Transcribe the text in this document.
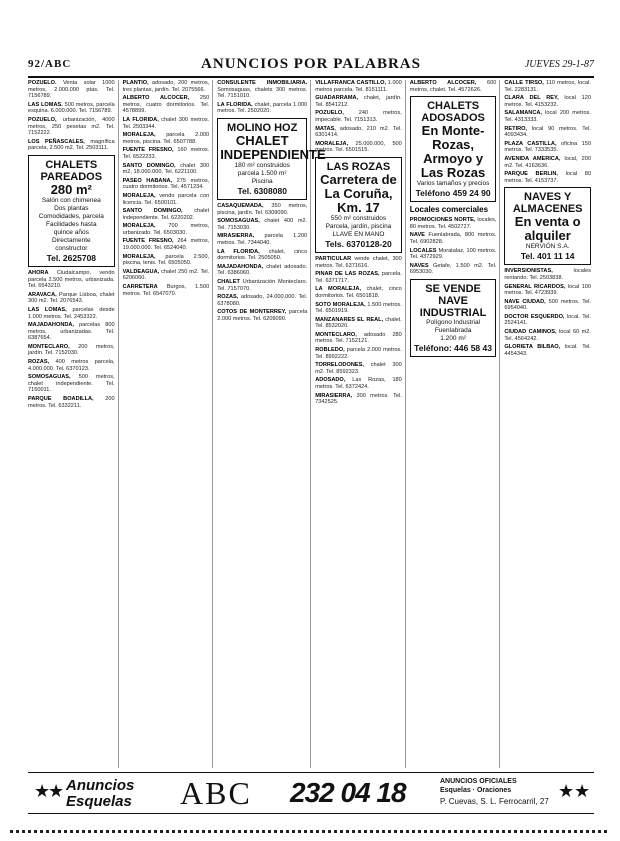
92/ABC	ANUNCIOS POR PALABRAS	JUEVES 29-1-87

POZUELO. Venta solar 1000 metros, 2.000.000 ptas. Tel. 7156789.

LAS LOMAS. 500 metros, parcela esquina. 6.000.000. Tel. 7156789.

POZUELO, urbanización, 4000 metros, 250 pesetas m2. Tel. 7152222.

LOS PEÑASCALES, magnífica parcela, 2.500 m2. Tel. 2503111.

CHALETS PAREADOS
280 m²
Salón con chimenea
Dos plantas
Comodidades, parcela
Facilidades hasta
quince años
Directamente
constructor
Tel. 2625708

AHORA Ciudalcampo, vendo parcela 2.500 metros, urbanizada. Tel. 6543210.

ARAVACA, Parque Lisboa, chalet 300 m2. Tel. 2076543.

LAS LOMAS, parcelas desde 1.000 metros. Tel. 2453322.

MAJADAHONDA, parcelas 800 metros, urbanizadas. Tel. 6387654.

MONTECLARO, 200 metros, jardín. Tel. 7152030.

ROZAS, 400 metros parcela, 4.000.000. Tel. 6370123.

SOMOSAGUAS, 500 metros, chalet independiente. Tel. 7150011.

PARQUE BOADILLA, 200 metros. Tel. 6332211.

PLANTIO, adosado, 200 metros, tres plantas, jardín. Tel. 2075566.

ALBERTO ALCOCER, 250 metros, cuatro dormitorios. Tel. 4578899.

LA FLORIDA, chalet 300 metros. Tel. 2503344.

MORALEJA, parcela 2.000 metros, piscina. Tel. 6507788.

FUENTE FRESNO, 160 metros. Tel. 6522233.

SANTO DOMINGO, chalet 300 m2, 18.000.000. Tel. 6221100.

PASEO HABANA, 275 metros, cuatro dormitorios. Tel. 4571234.

MORALEJA, vendo parcela con licencia. Tel. 6500101.

SANTO DOMINGO, chalet independiente. Tel. 6220202.

MORALEJA, 700 metros, urbanizado. Tel. 6503030.

FUENTE FRESNO, 264 metros, 19.000.000. Tel. 6524040.

MORALEJA, parcela 2.500, piscina, tenis. Tel. 6505050.

VALDEAGUA, chalet 250 m2. Tel. 6206060.

CARRETERA Burgos, 1.500 metros. Tel. 6547070.

CONSULENTE INMOBILIARIA. Somosaguas, chalets 300 metros. Tel. 7151010.

LA FLORIDA, chalet, parcela 1.000 metros. Tel. 2502020.

MOLINO HOZ
CHALET INDEPENDIENTE
180 m² construidos
parcela 1.500 m²
Piscina
Tel. 6308080

CASAQUEMADA, 350 metros, piscina, jardín. Tel. 6309090.

SOMOSAGUAS, chalet 400 m2. Tel. 7153030.

MIRASIERRA, parcela 1.200 metros. Tel. 7344040.

LA FLORIDA, chalet, cinco dormitorios. Tel. 2505050.

MAJADAHONDA, chalet adosado. Tel. 6386060.

CHALET Urbanización Monteclaro. Tel. 7157070.

ROZAS, adosado, 24.000.000. Tel. 6378080.

COTOS DE MONTERREY, parcela 2.000 metros. Tel. 6209090.

VILLAFRANCA CASTILLO, 1.000 metros parcela. Tel. 8151111.

GUADARRAMA, chalet, jardín. Tel. 8541212.

POZUELO,	240 metros, impecable. Tel. 7151313.

MATAS, adosado, 210 m2. Tel. 6301414.

MORALEJA, 25.000.000, 500 metros. Tel. 6501515.

LAS ROZAS
Carretera de La Coruña, Km. 17
550 m² construidos
Parcela, jardín, piscina
LLAVE EN MANO
Tels. 6370128-20

PARTICULAR vende chalet, 300 metros. Tel. 6371616.

PINAR DE LAS ROZAS, parcela. Tel. 6371717.

LA MORALEJA, chalet, cinco dormitorios. Tel. 6501818.

SOTO MORALEJA, 1.500 metros. Tel. 6501919.

MANZANARES EL REAL, chalet. Tel. 8532020.

MONTECLARO, adosado 280 metros. Tel. 7152121.

ROBLEDO, parcela 2.000 metros. Tel. 8992222.

TORRELODONES, chalet 300 m2. Tel. 8592323.

ADOSADO, Las Rozas, 180 metros. Tel. 6372424.

MIRASIERRA, 300 metros. Tel. 7342525.

ALBERTO ALCOCER, 600 metros, chalet. Tel. 4572626.

CHALETS ADOSADOS
En Monte-Rozas, Armoyo y Las Rozas
Varios tamaños y precios
Teléfono 459 24 90
Locales comerciales

PROMOCIONES NORTE, locales, 80 metros. Tel. 4502727.

NAVE Fuenlabrada, 800 metros. Tel. 6902828.

LOCALES Moratalaz, 100 metros. Tel. 4372929.

NAVES Getafe, 1.500 m2. Tel. 6953030.

SE VENDE NAVE INDUSTRIAL
Polígono Industrial
Fuenlabrada
1.200 m²
Teléfono: 446 58 43

CALLE TIRSO, 110 metros, local. Tel. 2283131.

CLARA DEL REY, local 120 metros. Tel. 4153232.

SALAMANCA, local 200 metros. Tel. 4313333.

RETIRO, local 90 metros. Tel. 4093434.

PLAZA CASTILLA, oficina 150 metros. Tel. 7333535.

AVENIDA AMERICA, local, 200 m2. Tel. 4163636.

PARQUE BERLIN, local 80 metros. Tel. 4153737.

NAVES Y ALMACENES
En venta o alquiler
NERVIÓN S.A.
Tel. 401 11 14

INVERSIONISTAS,	locales rentando. Tel. 2503838.

GENERAL RICARDOS, local 100 metros. Tel. 4723939.

NAVE CIUDAD, 500 metros. Tel. 6954040.

DOCTOR ESQUERDO, local. Tel. 2524141.

CIUDAD CAMINOS, local 60 m2. Tel. 4564242.

GLORIETA BILBAO, local. Tel. 4454343.

★
★ Anuncios
Esquelas ABC 232 04 18	ANUNCIOS OFICIALES
Esquelas · Oraciones
P. Cuevas, S. L. Ferrocarril, 27
★ ★
